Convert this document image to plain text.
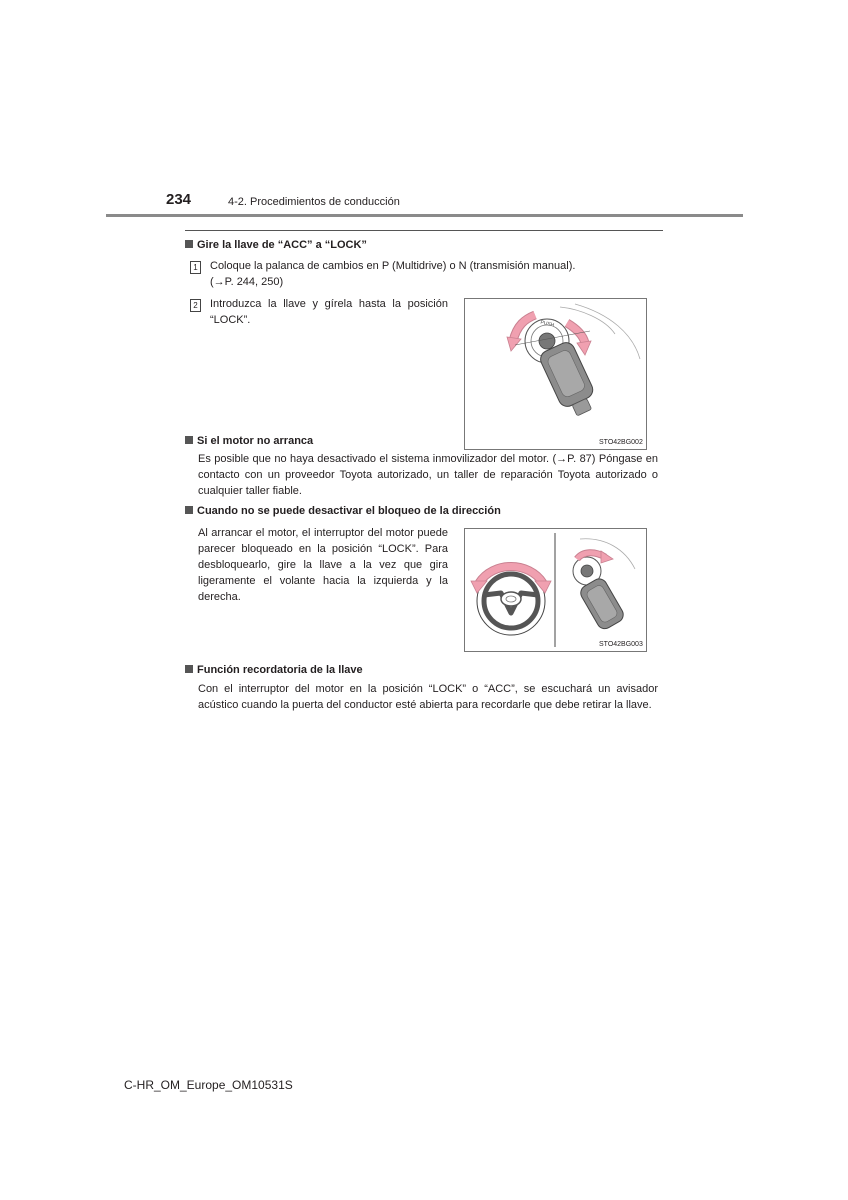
234	4-2. Procedimientos de conducción
Gire la llave de “ACC” a “LOCK”
1 Coloque la palanca de cambios en P (Multidrive) o N (transmisión manual).
(→P. 244, 250)
2 Introduzca la llave y gírela hasta la posición “LOCK”.	PUSH
STO42BG002
Si el motor no arranca
Es posible que no haya desactivado el sistema inmovilizador del motor. (→P. 87) Póngase en contacto con un proveedor Toyota autorizado, un taller de reparación Toyota autorizado o cualquier taller fiable.
Cuando no se puede desactivar el bloqueo de la dirección
Al arrancar el motor, el interruptor del motor puede parecer bloqueado en la posición “LOCK”. Para desbloquearlo, gire la llave a la vez que gira ligeramente el volante hacia la izquierda y la derecha.
STO42BG003
Función recordatoria de la llave
Con el interruptor del motor en la posición “LOCK” o “ACC”, se escuchará un avisador acústico cuando la puerta del conductor esté abierta para recordarle que debe retirar la llave.
C-HR_OM_Europe_OM10531S
